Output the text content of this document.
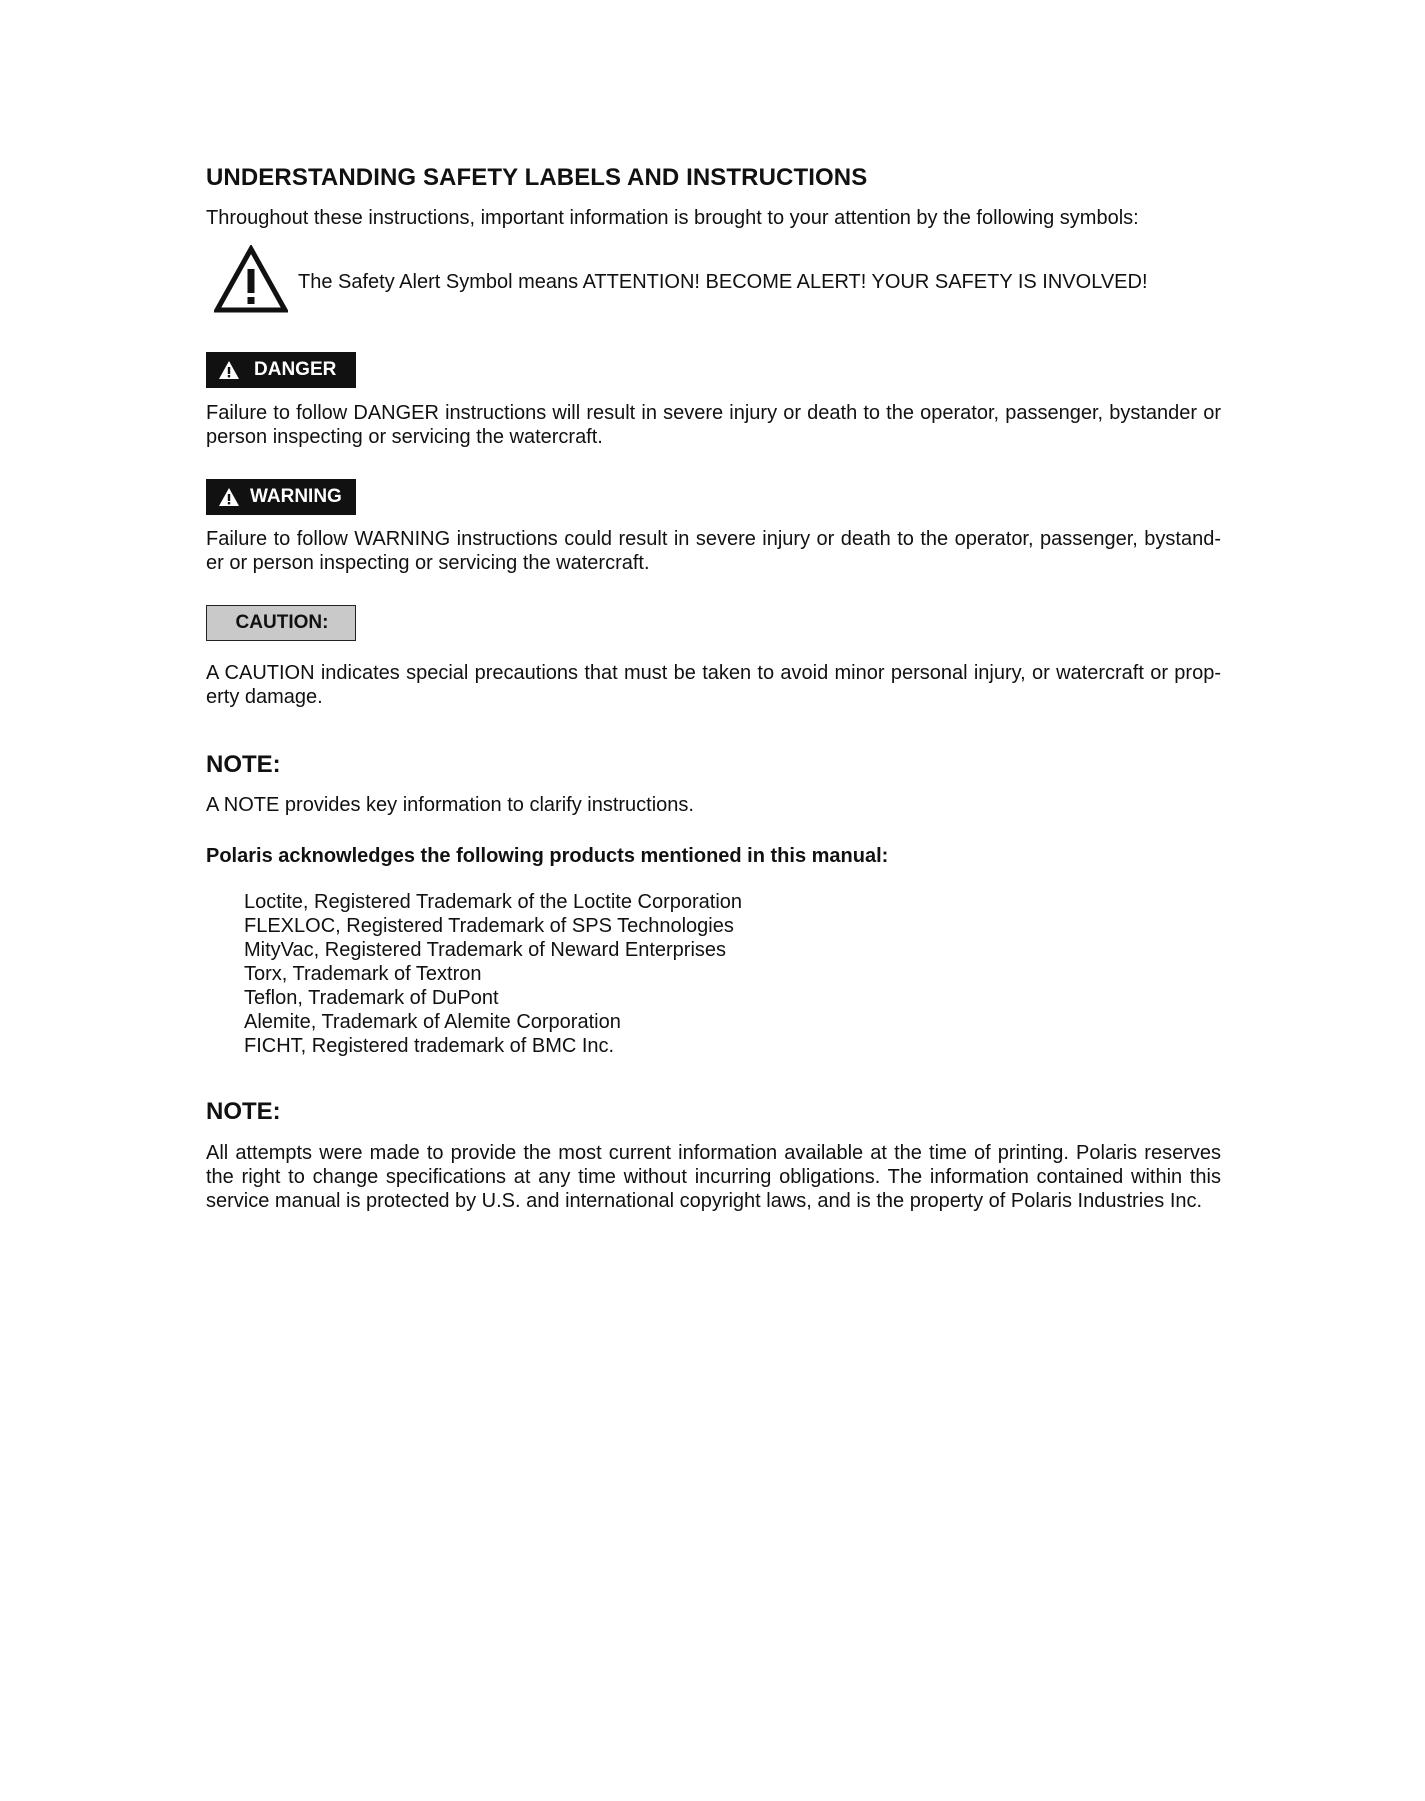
UNDERSTANDING SAFETY LABELS AND INSTRUCTIONS
Throughout these instructions, important information is brought to your attention by the following symbols:
The Safety Alert Symbol means ATTENTION! BECOME ALERT! YOUR SAFETY IS INVOLVED!
DANGER
Failure to follow DANGER instructions will result in severe injury or death to the operator, passenger, bystander or person inspecting or servicing the watercraft.
WARNING
Failure to follow WARNING instructions could result in severe injury or death to the operator, passenger, bystand-er or person inspecting or servicing the watercraft.
CAUTION:
A CAUTION indicates special precautions that must be taken to avoid minor personal injury, or watercraft or prop-erty damage.
NOTE:
A NOTE provides key information to clarify instructions.
Polaris acknowledges the following products mentioned in this manual:
Loctite, Registered Trademark of the Loctite Corporation
FLEXLOC, Registered Trademark of SPS Technologies
MityVac, Registered Trademark of Neward Enterprises
Torx, Trademark of Textron
Teflon, Trademark of DuPont
Alemite, Trademark of Alemite Corporation
FICHT, Registered trademark of BMC Inc.
NOTE:
All attempts were made to provide the most current information available at the time of printing. Polaris reserves the right to change specifications at any time without incurring obligations. The information contained within this service manual is protected by U.S. and international copyright laws, and is the property of Polaris Industries Inc.
